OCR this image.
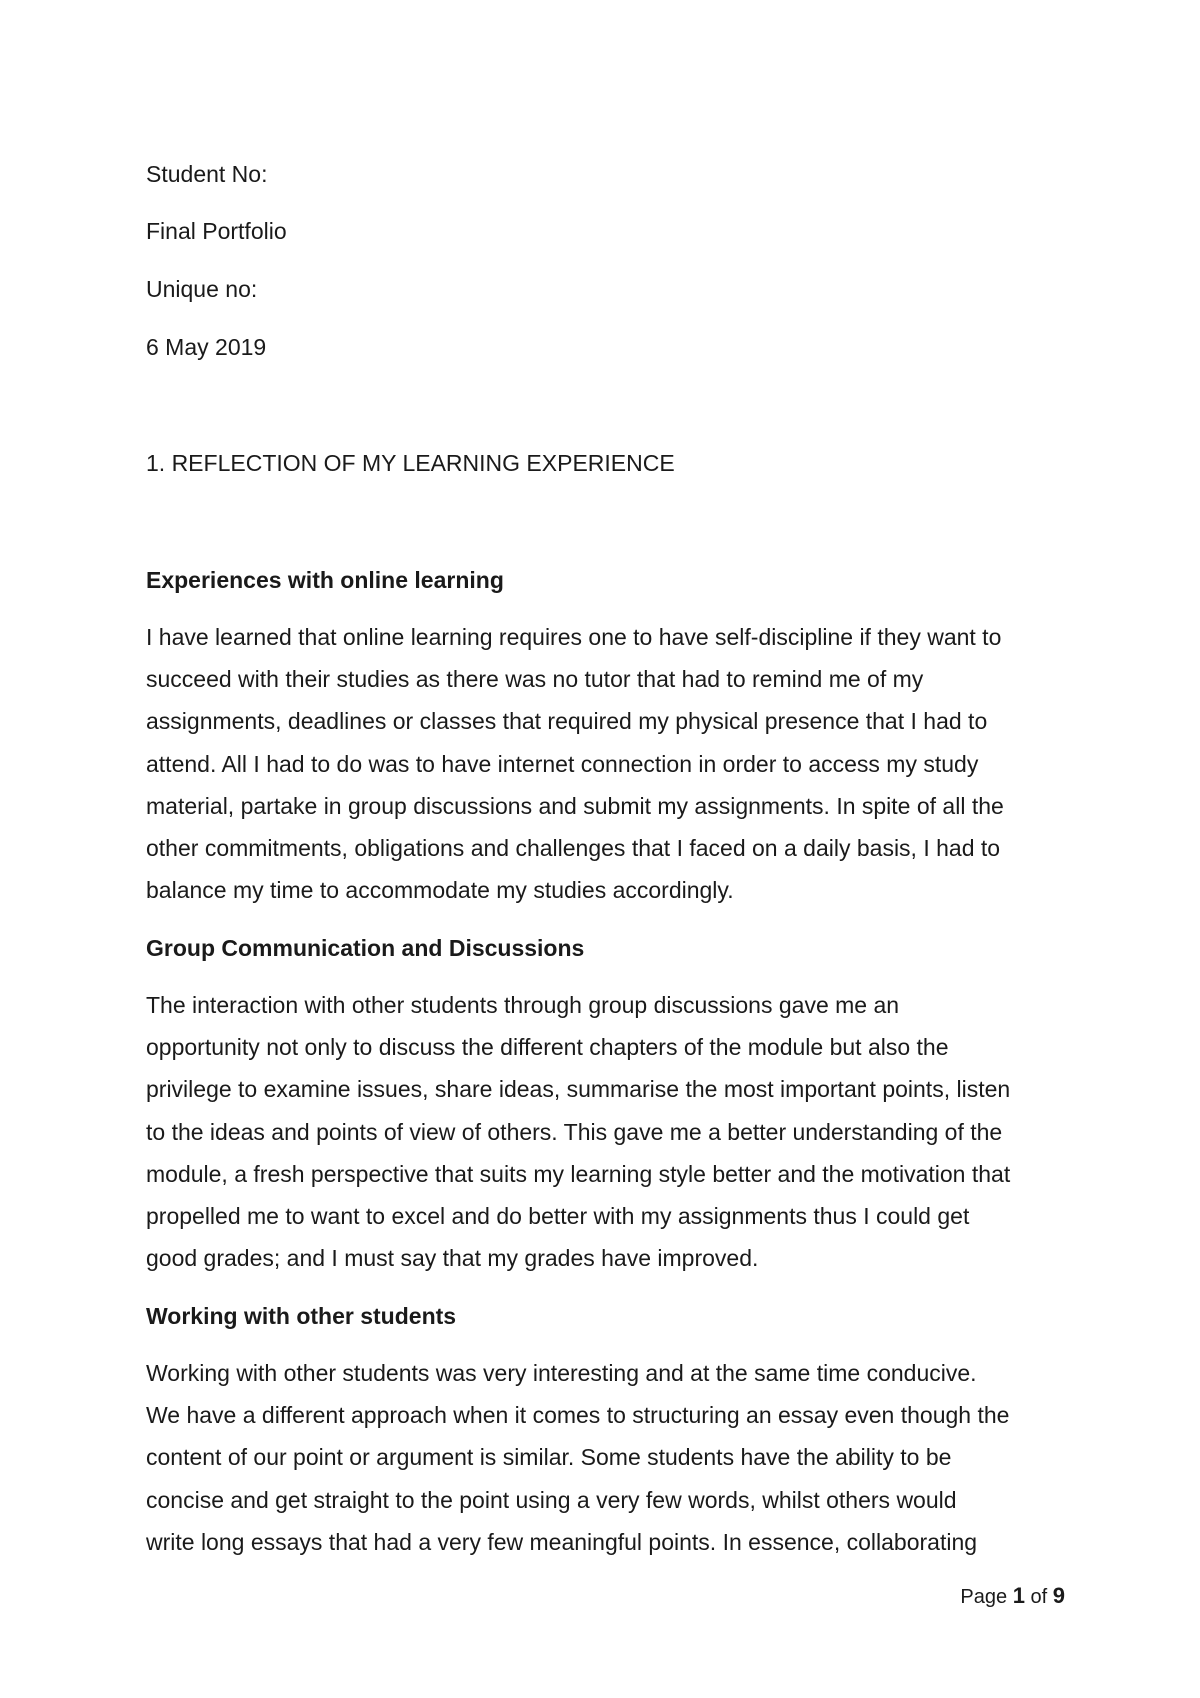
Student No:
Final Portfolio
Unique no:
6 May 2019
1. REFLECTION OF MY LEARNING EXPERIENCE
Experiences with online learning
I have learned that online learning requires one to have self-discipline if they want to
succeed with their studies as there was no tutor that had to remind me of my
assignments, deadlines or classes that required my physical presence that I had to
attend. All I had to do was to have internet connection in order to access my study
material, partake in group discussions and submit my assignments. In spite of all the
other commitments, obligations and challenges that I faced on a daily basis, I had to
balance my time to accommodate my studies accordingly.
Group Communication and Discussions
The interaction with other students through group discussions gave me an
opportunity not only to discuss the different chapters of the module but also the
privilege to examine issues, share ideas, summarise the most important points, listen
to the ideas and points of view of others. This gave me a better understanding of the
module, a fresh perspective that suits my learning style better and the motivation that
propelled me to want to excel and do better with my assignments thus I could get
good grades; and I must say that my grades have improved.
Working with other students
Working with other students was very interesting and at the same time conducive.
We have a different approach when it comes to structuring an essay even though the
content of our point or argument is similar. Some students have the ability to be
concise and get straight to the point using a very few words, whilst others would
write long essays that had a very few meaningful points. In essence, collaborating
Page 1 of 9
